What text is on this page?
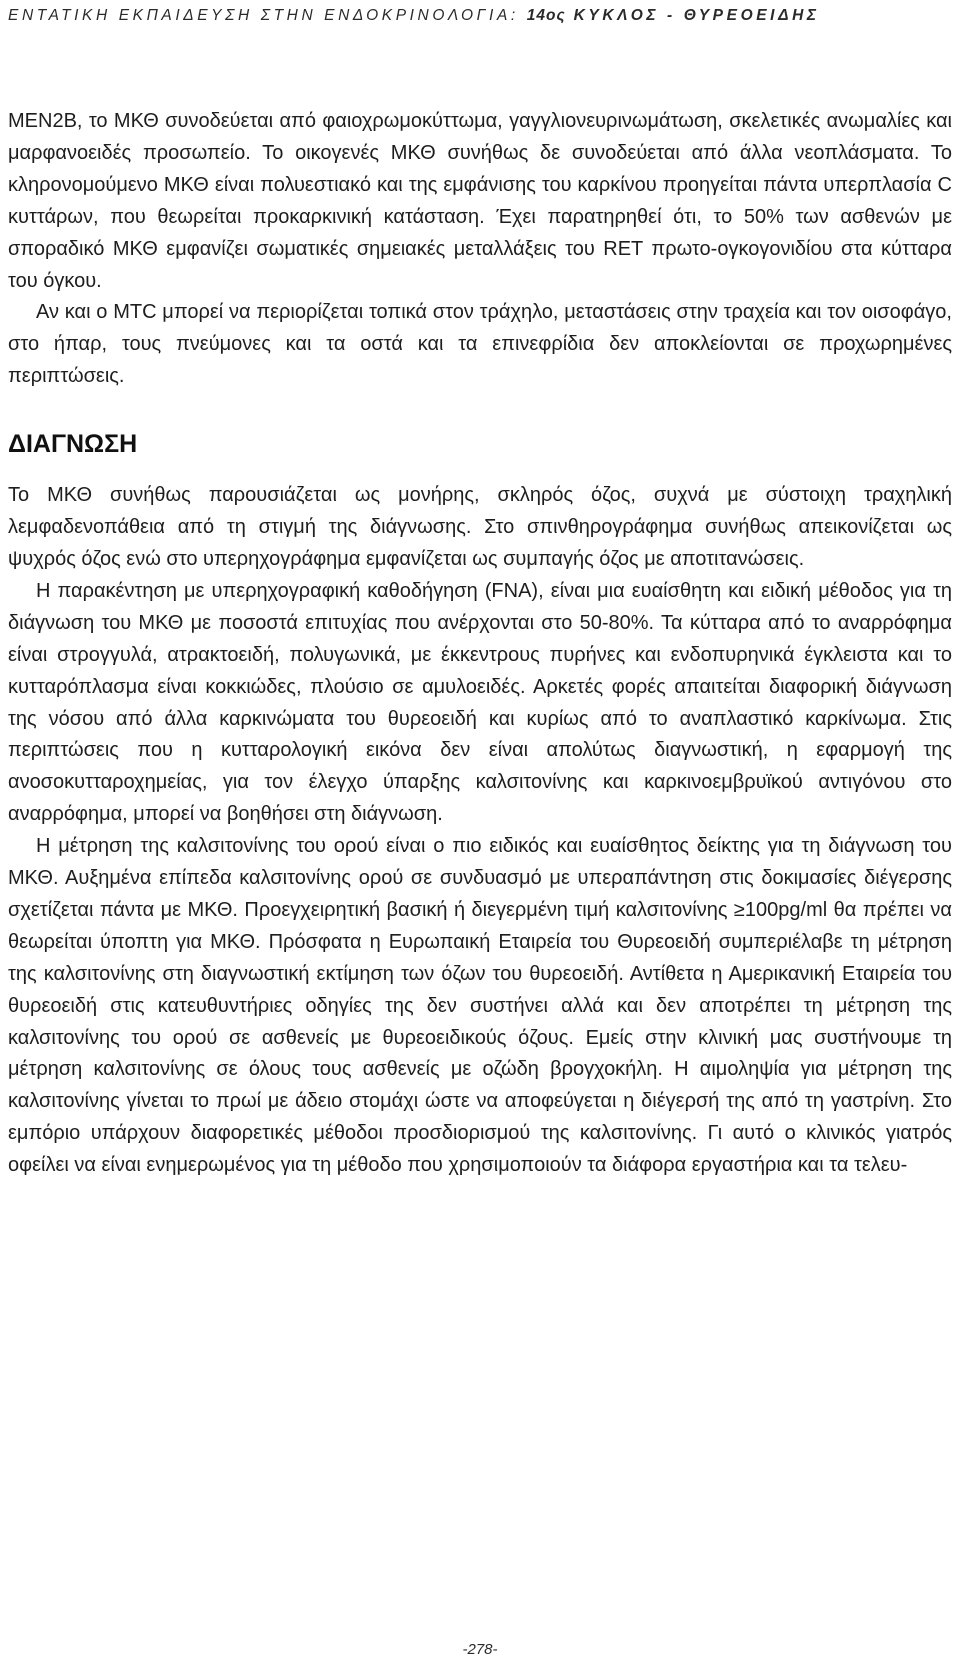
ΕΝΤΑΤΙΚΗ ΕΚΠΑΙΔΕΥΣΗ ΣΤΗΝ ΕΝΔΟΚΡΙΝΟΛΟΓΙΑ: 14ος ΚΥΚΛΟΣ - ΘΥΡΕΟΕΙΔΗΣ

MEN2B, το ΜΚΘ συνοδεύεται από φαιοχρωμοκύττωμα, γαγγλιονευρινωμάτωση, σκελετικές ανωμαλίες και μαρφανοειδές προσωπείο. Το οικογενές ΜΚΘ συνήθως δε συνοδεύεται από άλλα νεοπλάσματα. Το κληρονομούμενο ΜΚΘ είναι πολυεστιακό και της εμφάνισης του καρκίνου προηγείται πάντα υπερπλασία C κυττάρων, που θεωρείται προκαρκινική κατάσταση. Έχει παρατηρηθεί ότι, το 50% των ασθενών με σποραδικό ΜΚΘ εμφανίζει σωματικές σημειακές μεταλλάξεις του RET πρωτο-ογκογονιδίου στα κύτταρα του όγκου.

Αν και ο MTC μπορεί να περιορίζεται τοπικά στον τράχηλο, μεταστάσεις στην τραχεία και τον οισοφάγο, στο ήπαρ, τους πνεύμονες και τα οστά και τα επινεφρίδια δεν αποκλείονται σε προχωρημένες περιπτώσεις.

ΔΙΑΓΝΩΣΗ

Το ΜΚΘ συνήθως παρουσιάζεται ως μονήρης, σκληρός όζος, συχνά με σύστοιχη τραχηλική λεμφαδενοπάθεια από τη στιγμή της διάγνωσης. Στο σπινθηρογράφημα συνήθως απεικονίζεται ως ψυχρός όζος ενώ στο υπερηχογράφημα εμφανίζεται ως συμπαγής όζος με αποτιτανώσεις.

Η παρακέντηση με υπερηχογραφική καθοδήγηση (FNA), είναι μια ευαίσθητη και ειδική μέθοδος για τη διάγνωση του ΜΚΘ με ποσοστά επιτυχίας που ανέρχονται στο 50-80%. Τα κύτταρα από το αναρρόφημα είναι στρογγυλά, ατρακτοειδή, πολυγωνικά, με έκκεντρους πυρήνες και ενδοπυρηνικά έγκλειστα και το κυτταρόπλασμα είναι κοκκιώδες, πλούσιο σε αμυλοειδές. Αρκετές φορές απαιτείται διαφορική διάγνωση της νόσου από άλλα καρκινώματα του θυρεοειδή και κυρίως από το αναπλαστικό καρκίνωμα. Στις περιπτώσεις που η κυτταρολογική εικόνα δεν είναι απολύτως διαγνωστική, η εφαρμογή της ανοσοκυτταροχημείας, για τον έλεγχο ύπαρξης καλσιτονίνης και καρκινοεμβρυϊκού αντιγόνου στο αναρρόφημα, μπορεί να βοηθήσει στη διάγνωση.

Η μέτρηση της καλσιτονίνης του ορού είναι ο πιο ειδικός και ευαίσθητος δείκτης για τη διάγνωση του ΜΚΘ. Αυξημένα επίπεδα καλσιτονίνης ορού σε συνδυασμό με υπεραπάντηση στις δοκιμασίες διέγερσης σχετίζεται πάντα με ΜΚΘ. Προεγχειρητική βασική ή διεγερμένη τιμή καλσιτονίνης ≥100pg/ml θα πρέπει να θεωρείται ύποπτη για ΜΚΘ. Πρόσφατα η Ευρωπαική Εταιρεία του Θυρεοειδή συμπεριέλαβε τη μέτρηση της καλσιτονίνης στη διαγνωστική εκτίμηση των όζων του θυρεοειδή. Αντίθετα η Αμερικανική Εταιρεία του θυρεοειδή στις κατευθυντήριες οδηγίες της δεν συστήνει αλλά και δεν αποτρέπει τη μέτρηση της καλσιτονίνης του ορού σε ασθενείς με θυρεοειδικούς όζους. Εμείς στην κλινική μας συστήνουμε τη μέτρηση καλσιτονίνης σε όλους τους ασθενείς με οζώδη βρογχοκήλη. Η αιμοληψία για μέτρηση της καλσιτονίνης γίνεται το πρωί με άδειο στομάχι ώστε να αποφεύγεται η διέγερσή της από τη γαστρίνη. Στο εμπόριο υπάρχουν διαφορετικές μέθοδοι προσδιορισμού της καλσιτονίνης. Γι αυτό ο κλινικός γιατρός οφείλει να είναι ενημερωμένος για τη μέθοδο που χρησιμοποιούν τα διάφορα εργαστήρια και τα τελευ-

-278-
